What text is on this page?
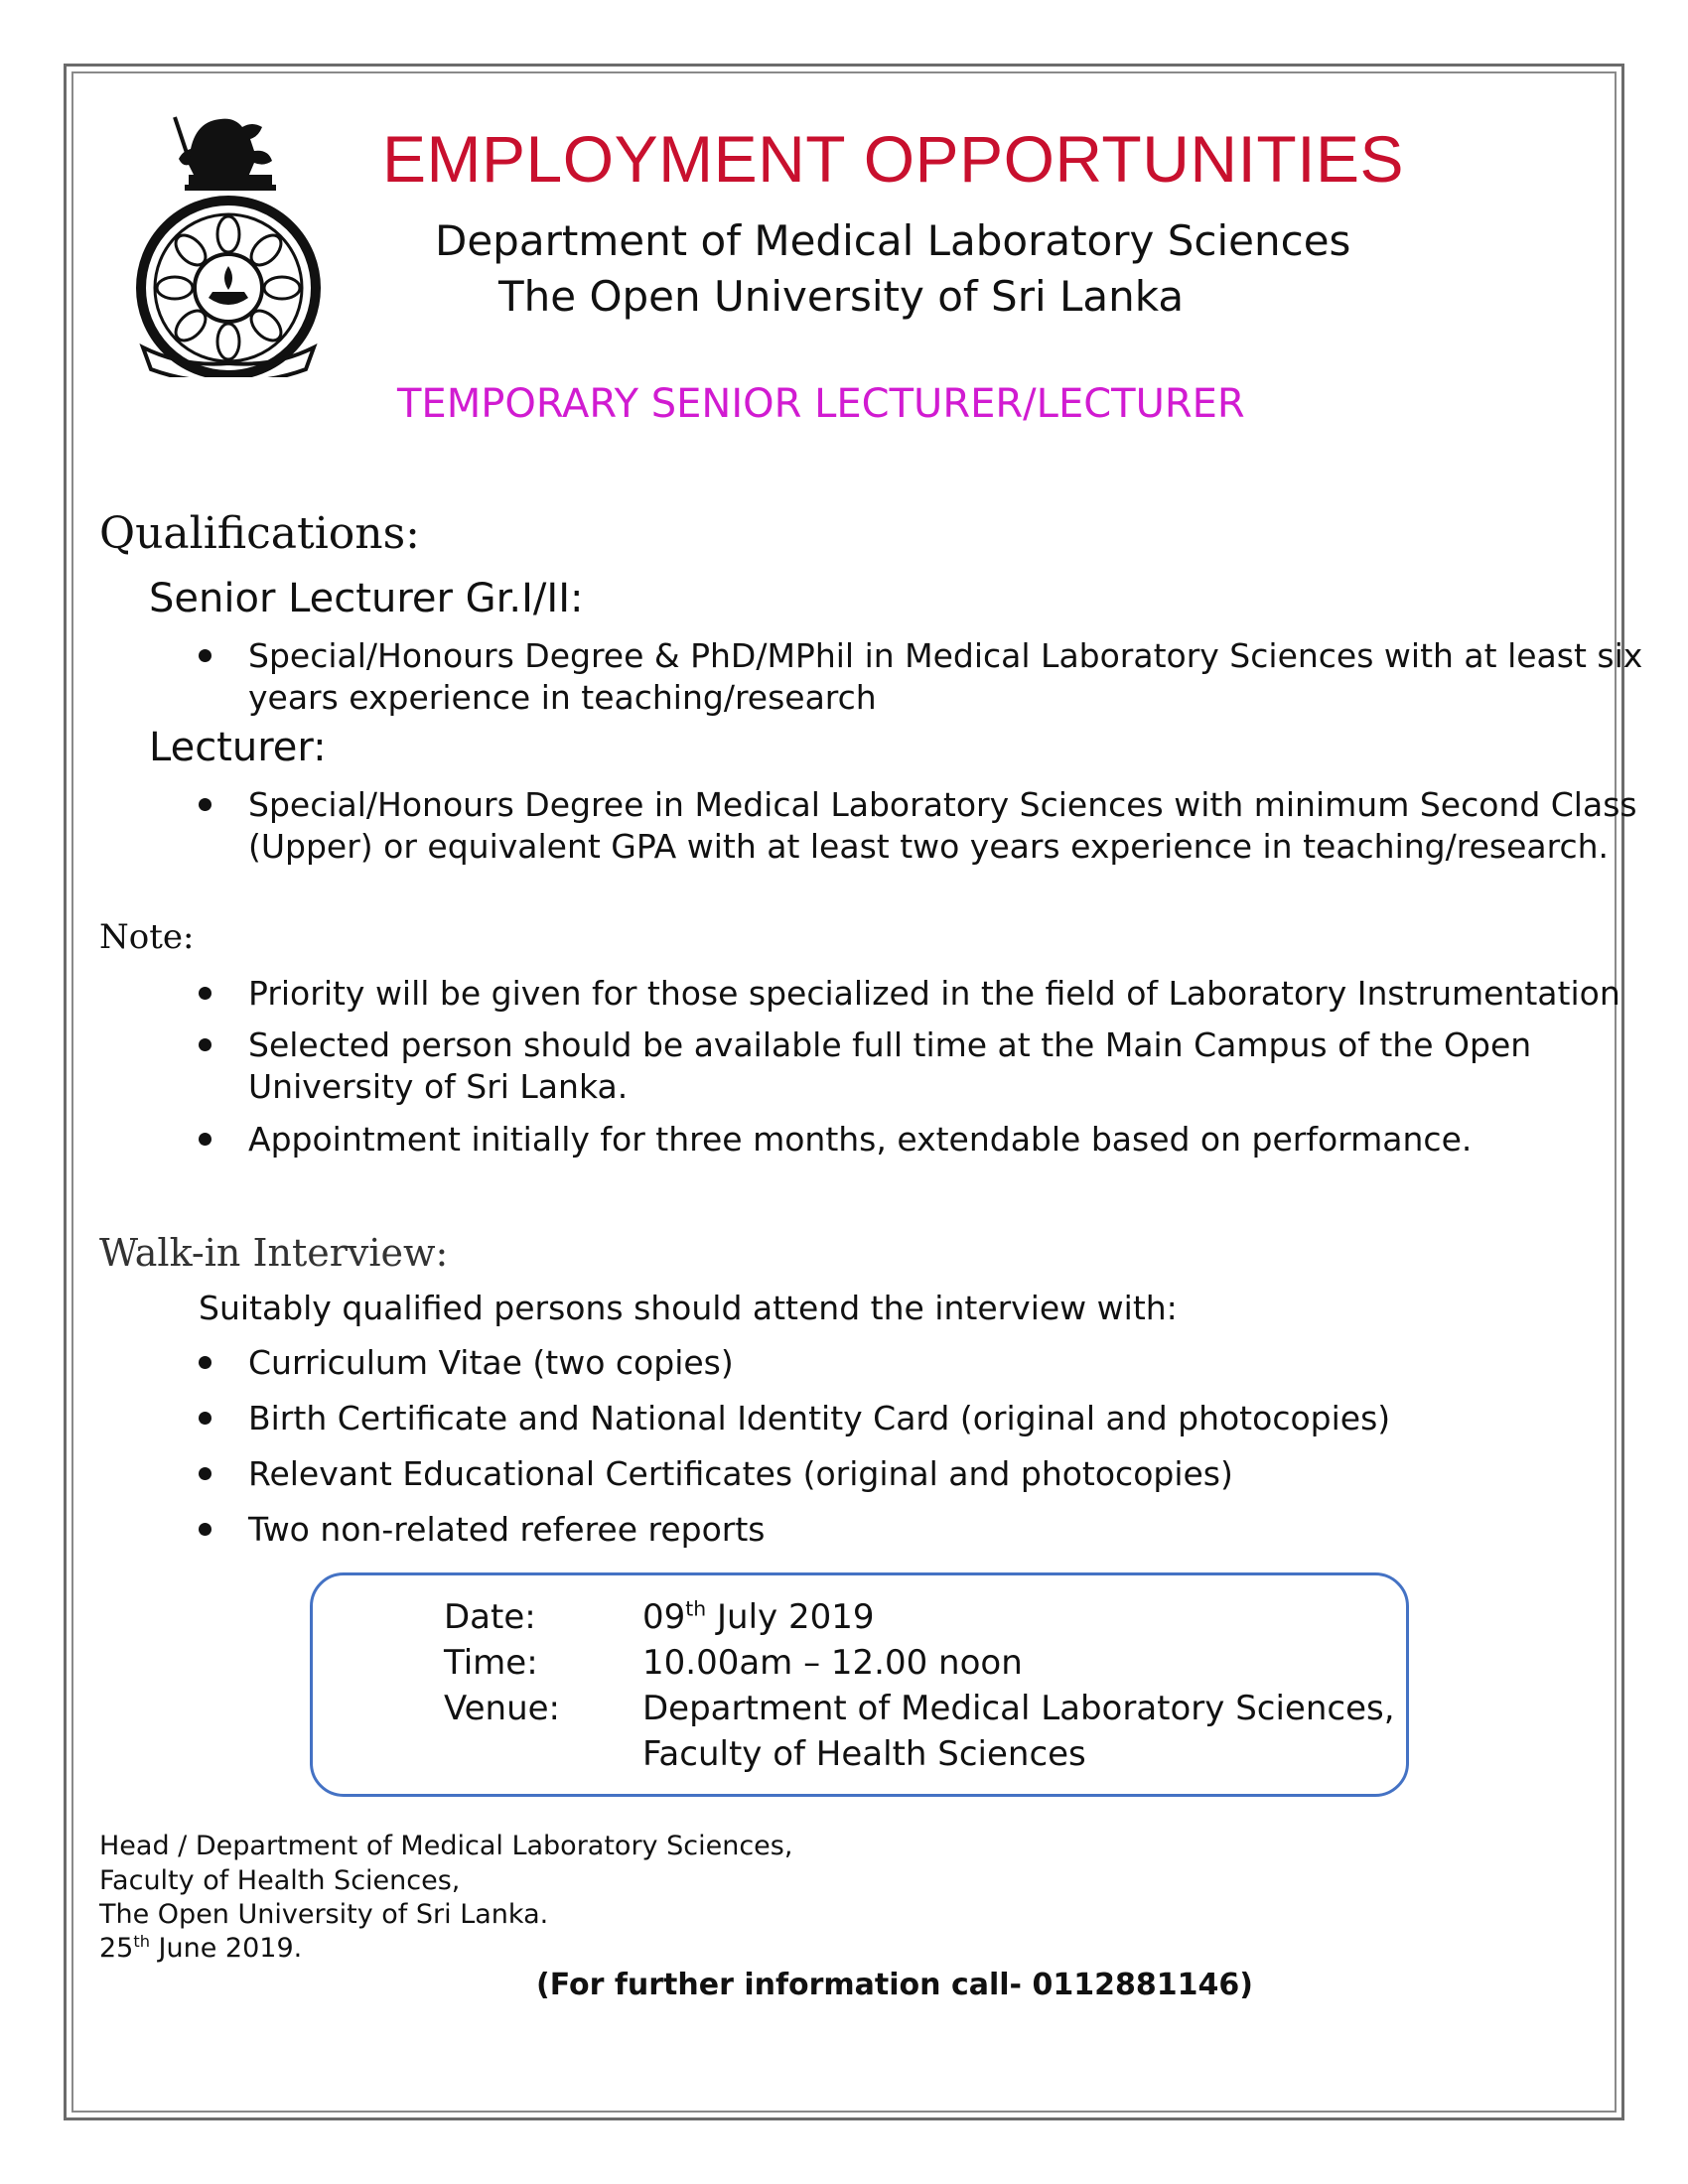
EMPLOYMENT OPPORTUNITIES
Department of Medical Laboratory Sciences
The Open University of Sri Lanka
TEMPORARY SENIOR LECTURER/LECTURER
Qualifications:
Senior Lecturer Gr.I/II:
Special/Honours Degree & PhD/MPhil in Medical Laboratory Sciences with at least six
years experience in teaching/research
Lecturer:
Special/Honours Degree in Medical Laboratory Sciences with minimum Second Class
(Upper) or equivalent GPA with at least two years experience in teaching/research.
Note:
Priority will be given for those specialized in the field of Laboratory Instrumentation
Selected person should be available full time at the Main Campus of the Open
University of Sri Lanka.
Appointment initially for three months, extendable based on performance.
Walk-in Interview:
Suitably qualified persons should attend the interview with:
Curriculum Vitae (two copies)
Birth Certificate and National Identity Card (original and photocopies)
Relevant Educational Certificates (original and photocopies)
Two non-related referee reports
Date:	09th July 2019
Time:	10.00am – 12.00 noon
Venue: Department of Medical Laboratory Sciences,
Faculty of Health Sciences
Head / Department of Medical Laboratory Sciences,
Faculty of Health Sciences,
The Open University of Sri Lanka.
25th June 2019.
(For further information call- 0112881146)
